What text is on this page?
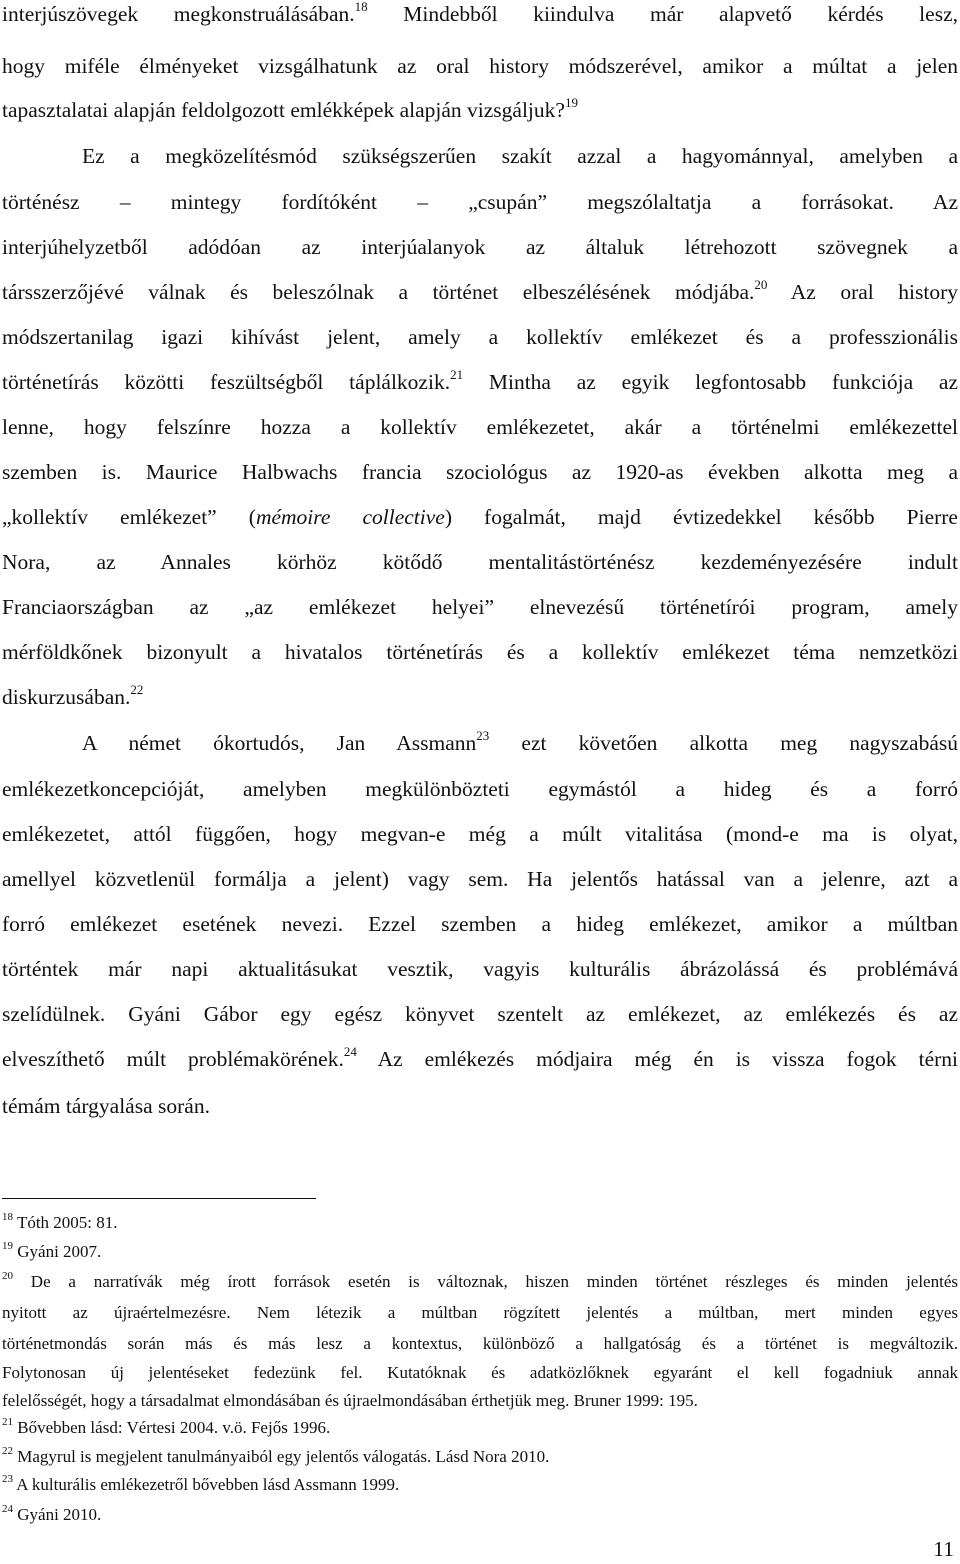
interjúszövegek megkonstruálásában.$^{18}$ Mindebből kiindulva már alapvető kérdés lesz,
hogy miféle élményeket vizsgálhatunk az oral history módszerével, amikor a múltat a jelen
tapasztalatai alapján feldolgozott emlékképek alapján vizsgáljuk?$^{19}$
Ez a megközelítésmód szükségszerűen szakít azzal a hagyománnyal, amelyben a
történész – mintegy fordítóként – „csupán” megszólaltatja a forrásokat. Az
interjúhelyzetből adódóan az interjúalanyok az általuk létrehozott szövegnek a
társszerzőjévé válnak és beleszólnak a történet elbeszélésének módjába.$^{20}$ Az oral history
módszertanilag igazi kihívást jelent, amely a kollektív emlékezet és a professzionális
történetírás közötti feszültségből táplálkozik.$^{21}$ Mintha az egyik legfontosabb funkciója az
lenne, hogy felszínre hozza a kollektív emlékezetet, akár a történelmi emlékezettel
szemben is. Maurice Halbwachs francia szociológus az 1920-as években alkotta meg a
„kollektív emlékezet” (mémoire collective) fogalmát, majd évtizedekkel később Pierre
Nora, az Annales körhöz kötődő mentalitástörténész kezdeményezésére indult
Franciaországban az „az emlékezet helyei” elnevezésű történetírói program, amely
mérföldkőnek bizonyult a hivatalos történetírás és a kollektív emlékezet téma nemzetközi
diskurzusában.$^{22}$
A német ókortudós, Jan Assmann$^{23}$ ezt követően alkotta meg nagyszabású
emlékezetkoncepcióját, amelyben megkülönbözteti egymástól a hideg és a forró
emlékezetet, attól függően, hogy megvan-e még a múlt vitalitása (mond-e ma is olyat,
amellyel közvetlenül formálja a jelent) vagy sem. Ha jelentős hatással van a jelenre, azt a
forró emlékezet esetének nevezi. Ezzel szemben a hideg emlékezet, amikor a múltban
történtek már napi aktualitásukat vesztik, vagyis kulturális ábrázolássá és problémává
szelídülnek. Gyáni Gábor egy egész könyvet szentelt az emlékezet, az emlékezés és az
elveszíthető múlt problémakörének.$^{24}$ Az emlékezés módjaira még én is vissza fogok térni
témám tárgyalása során.
$^{18}$ Tóth 2005: 81.
$^{19}$ Gyáni 2007.
$^{20}$ De a narratívák még írott források esetén is változnak, hiszen minden történet részleges és minden jelentés
nyitott az újraértelmezésre. Nem létezik a múltban rögzített jelentés a múltban, mert minden egyes
történetmondás során más és más lesz a kontextus, különböző a hallgatóság és a történet is megváltozik.
Folytonosan új jelentéseket fedezünk fel. Kutatóknak és adatközlőknek egyaránt el kell fogadniuk annak
felelősségét, hogy a társadalmat elmondásában és újraelmondásában érthetjük meg. Bruner 1999: 195.
$^{21}$ Bővebben lásd: Vértesi 2004. v.ö. Fejős 1996.
$^{22}$ Magyrul is megjelent tanulmányaiból egy jelentős válogatás. Lásd Nora 2010.
$^{23}$ A kulturális emlékezetről bővebben lásd Assmann 1999.
$^{24}$ Gyáni 2010.
11
